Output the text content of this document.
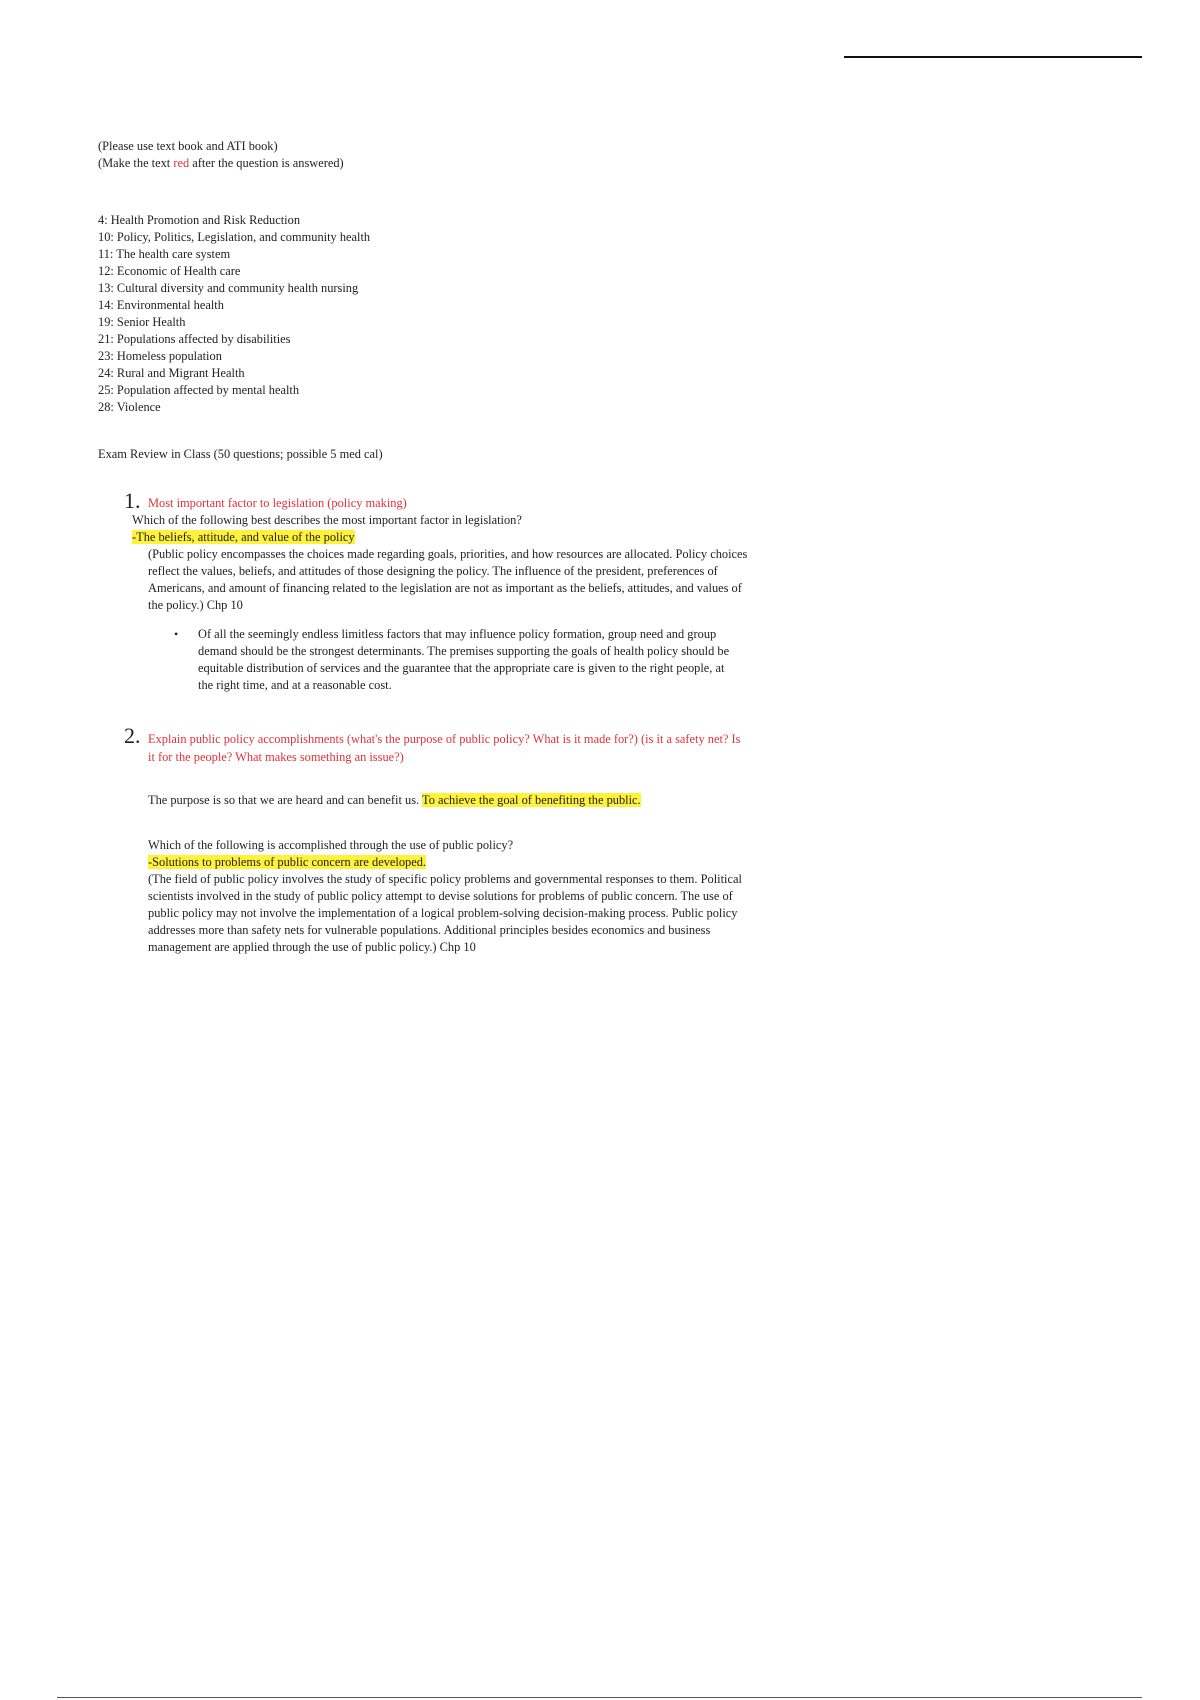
(Please use text book and ATI book)
(Make the text red after the question is answered)
4: Health Promotion and Risk Reduction
10: Policy, Politics, Legislation, and community health
11: The health care system
12: Economic of Health care
13: Cultural diversity and community health nursing
14: Environmental health
19: Senior Health
21: Populations affected by disabilities
23: Homeless population
24: Rural and Migrant Health
25: Population affected by mental health
28: Violence
Exam Review in Class (50 questions; possible 5 med cal)
1. Most important factor to legislation (policy making)
Which of the following best describes the most important factor in legislation?
-The beliefs, attitude, and value of the policy
(Public policy encompasses the choices made regarding goals, priorities, and how resources are allocated. Policy choices reflect the values, beliefs, and attitudes of those designing the policy. The influence of the president, preferences of Americans, and amount of financing related to the legislation are not as important as the beliefs, attitudes, and values of the policy.) Chp 10
• Of all the seemingly endless limitless factors that may influence policy formation, group need and group demand should be the strongest determinants. The premises supporting the goals of health policy should be equitable distribution of services and the guarantee that the appropriate care is given to the right people, at the right time, and at a reasonable cost.
2. Explain public policy accomplishments (what's the purpose of public policy? What is it made for?) (is it a safety net? Is it for the people? What makes something an issue?)
The purpose is so that we are heard and can benefit us. To achieve the goal of benefiting the public.
Which of the following is accomplished through the use of public policy?
-Solutions to problems of public concern are developed.
(The field of public policy involves the study of specific policy problems and governmental responses to them. Political scientists involved in the study of public policy attempt to devise solutions for problems of public concern. The use of public policy may not involve the implementation of a logical problem-solving decision-making process. Public policy addresses more than safety nets for vulnerable populations. Additional principles besides economics and business management are applied through the use of public policy.) Chp 10
